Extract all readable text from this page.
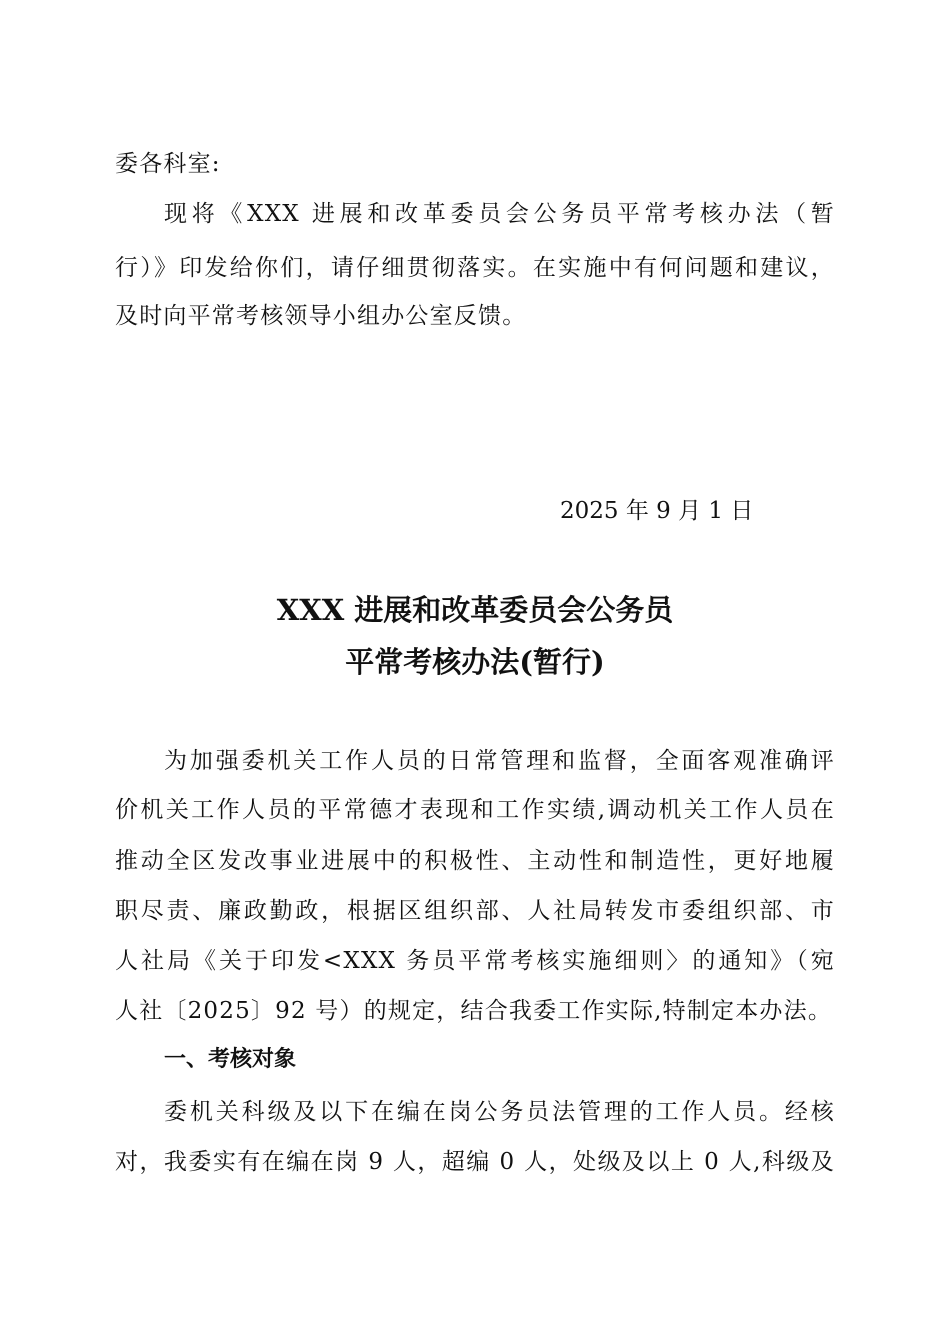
委各科室:
现将《XXX 进展和改革委员会公务员平常考核办法（暂
行）》印发给你们，请仔细贯彻落实。在实施中有何问题和建议，
及时向平常考核领导小组办公室反馈。
2025 年 9 月 1 日
XXX 进展和改革委员会公务员
平常考核办法(暂行)
为加强委机关工作人员的日常管理和监督，全面客观准确评
价机关工作人员的平常德才表现和工作实绩,调动机关工作人员在
推动全区发改事业进展中的积极性、主动性和制造性，更好地履
职尽责、廉政勤政，根据区组织部、人社局转发市委组织部、市
人社局《关于印发<XXX 务员平常考核实施细则〉的通知》（宛
人社〔2025〕92 号）的规定，结合我委工作实际,特制定本办法。
一、考核对象
委机关科级及以下在编在岗公务员法管理的工作人员。经核
对，我委实有在编在岗 9 人，超编 0 人，处级及以上 0 人,科级及
